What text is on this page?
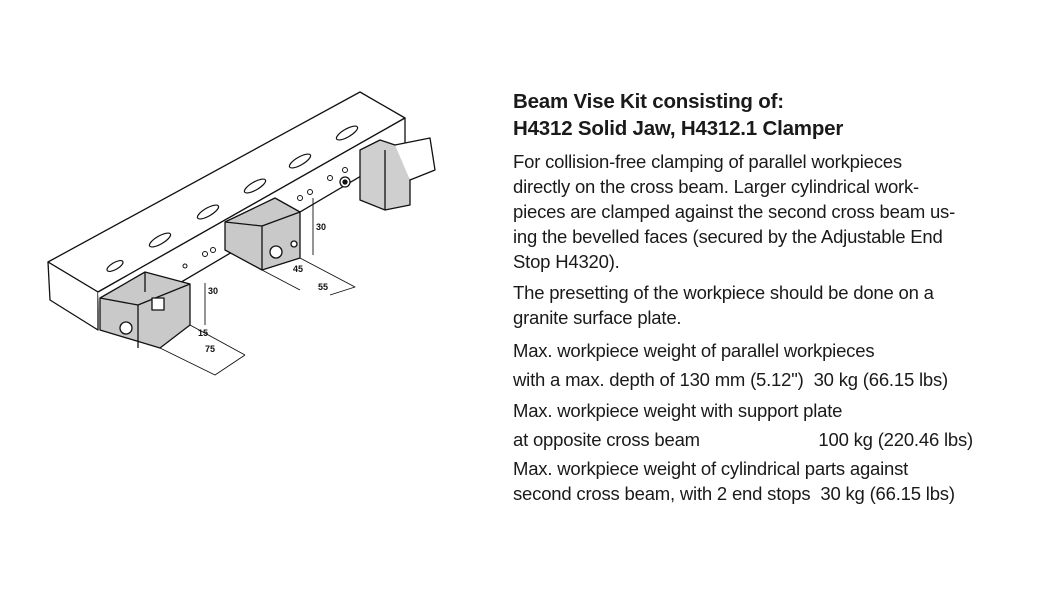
30
45
55
30
15
75
Beam Vise Kit consisting of:
H4312 Solid Jaw, H4312.1 Clamper

For collision-free clamping of parallel workpieces
directly on the cross beam. Larger cylindrical work-
pieces are clamped against the second cross beam us-
ing the bevelled faces (secured by the Adjustable End
Stop H4320).

The presetting of the workpiece should be done on a
granite surface plate.

Max. workpiece weight of parallel workpieces
with a max. depth of 130 mm (5.12") 30 kg (66.15 lbs)
Max. workpiece weight with support plate
at opposite cross beam	100 kg (220.46 lbs)
Max. workpiece weight of cylindrical parts against
second cross beam, with 2 end stops 30 kg (66.15 lbs)
